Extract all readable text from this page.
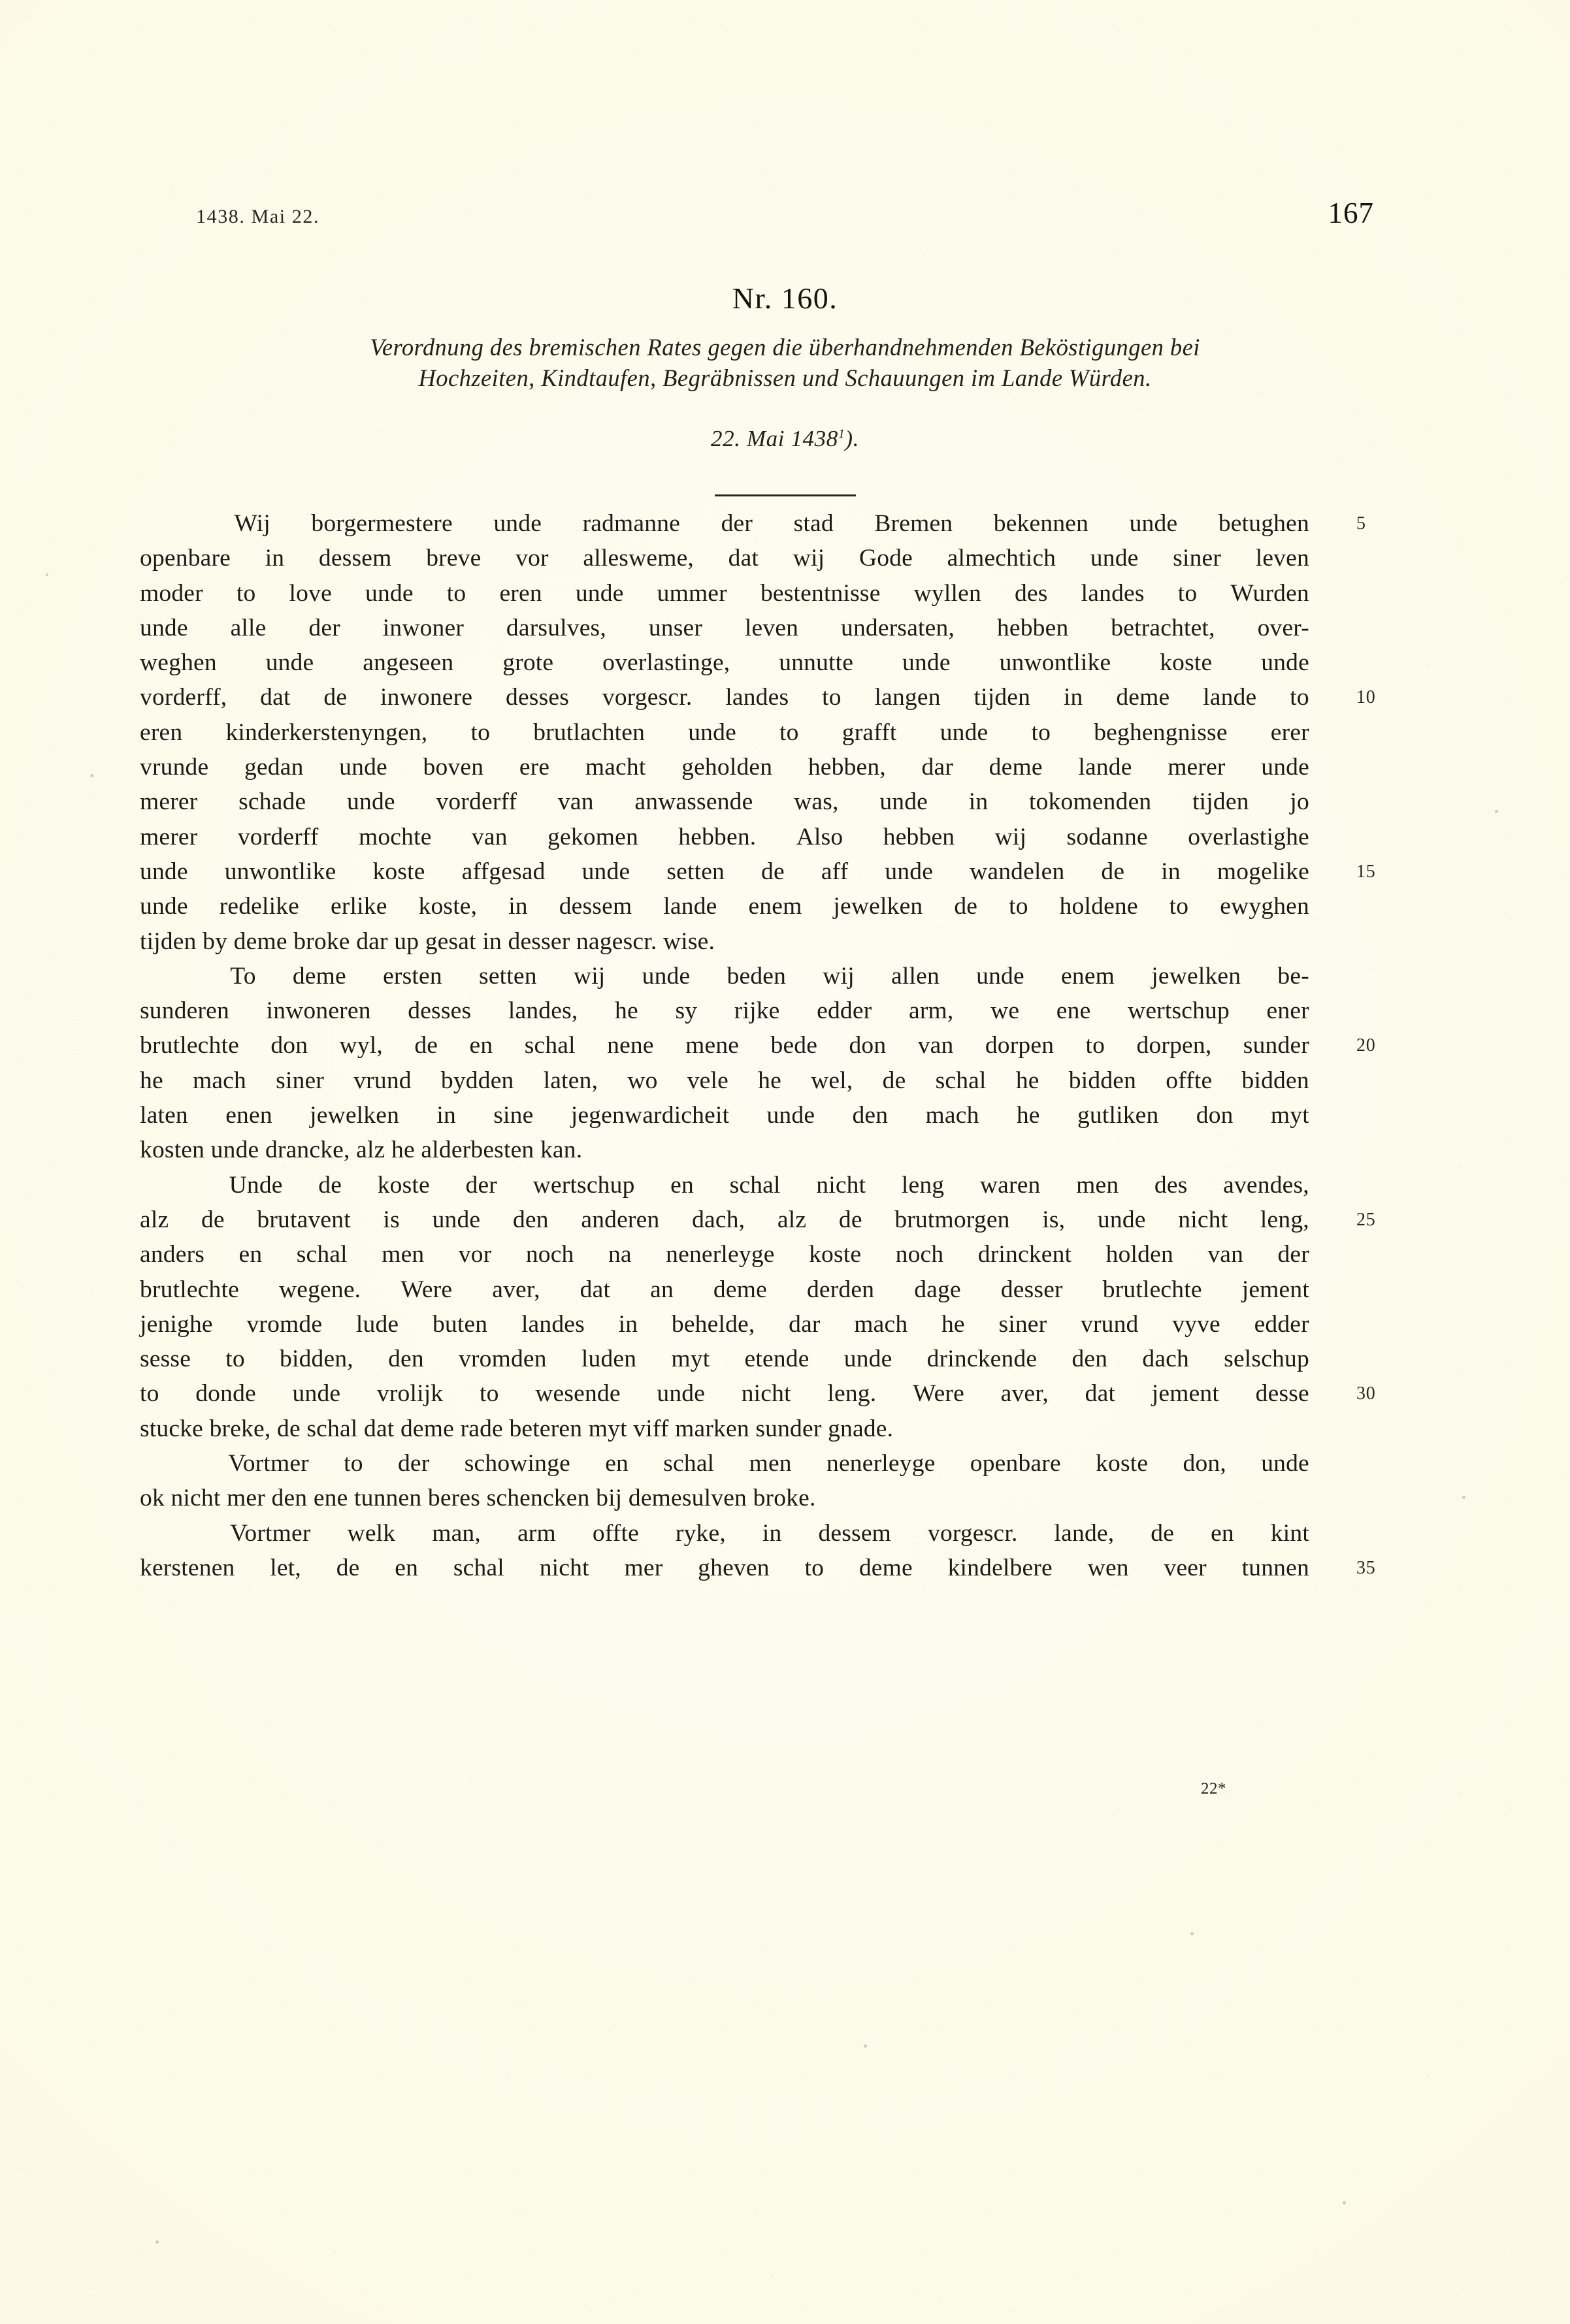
1438. Mai 22.	167
Nr. 160.
Verordnung des bremischen Rates gegen die überhandnehmenden Beköstigungen bei
Hochzeiten, Kindtaufen, Begräbnissen und Schauungen im Lande Würden.
22. Mai 1438$^1$).
Wij borgermestere unde radmanne der stad Bremen bekennen unde betughen	5
openbare in dessem breve vor allesweme, dat wij Gode almechtich unde siner leven
moder to love unde to eren unde ummer bestentnisse wyllen des landes to Wurden
unde alle der inwoner darsulves, unser leven undersaten, hebben betrachtet, over-
weghen unde angeseen grote overlastinge, unnutte unde unwontlike koste unde
vorderff, dat de inwonere desses vorgescr. landes to langen tijden in deme lande to	10
eren kinderkerstenyngen, to brutlachten unde to grafft unde to beghengnisse erer
vrunde gedan unde boven ere macht geholden hebben, dar deme lande merer unde
merer schade unde vorderff van anwassende was, unde in tokomenden tijden jo
merer vorderff mochte van gekomen hebben. Also hebben wij sodanne overlastighe
unde unwontlike koste affgesad unde setten de aff unde wandelen de in mogelike	15
unde redelike erlike koste, in dessem lande enem jewelken de to holdene to ewyghen
tijden by deme broke dar up gesat in desser nagescr. wise.
To deme ersten setten wij unde beden wij allen unde enem jewelken be-
sunderen inwoneren desses landes, he sy rijke edder arm, we ene wertschup ener
brutlechte don wyl, de en schal nene mene bede don van dorpen to dorpen, sunder	20
he mach siner vrund bydden laten, wo vele he wel, de schal he bidden offte bidden
laten enen jewelken in sine jegenwardicheit unde den mach he gutliken don myt
kosten unde drancke, alz he alderbesten kan.
Unde de koste der wertschup en schal nicht leng waren men des avendes,
alz de brutavent is unde den anderen dach, alz de brutmorgen is, unde nicht leng,	25
anders en schal men vor noch na nenerleyge koste noch drinckent holden van der
brutlechte wegene. Were aver, dat an deme derden dage desser brutlechte jement
jenighe vromde lude buten landes in behelde, dar mach he siner vrund vyve edder
sesse to bidden, den vromden luden myt etende unde drinckende den dach selschup
to donde unde vrolijk to wesende unde nicht leng. Were aver, dat jement desse	30
stucke breke, de schal dat deme rade beteren myt viff marken sunder gnade.
Vortmer to der schowinge en schal men nenerleyge openbare koste don, unde
ok nicht mer den ene tunnen beres schencken bij demesulven broke.
Vortmer welk man, arm offte ryke, in dessem vorgescr. lande, de en kint
kerstenen let, de en schal nicht mer gheven to deme kindelbere wen veer tunnen	35
22*
